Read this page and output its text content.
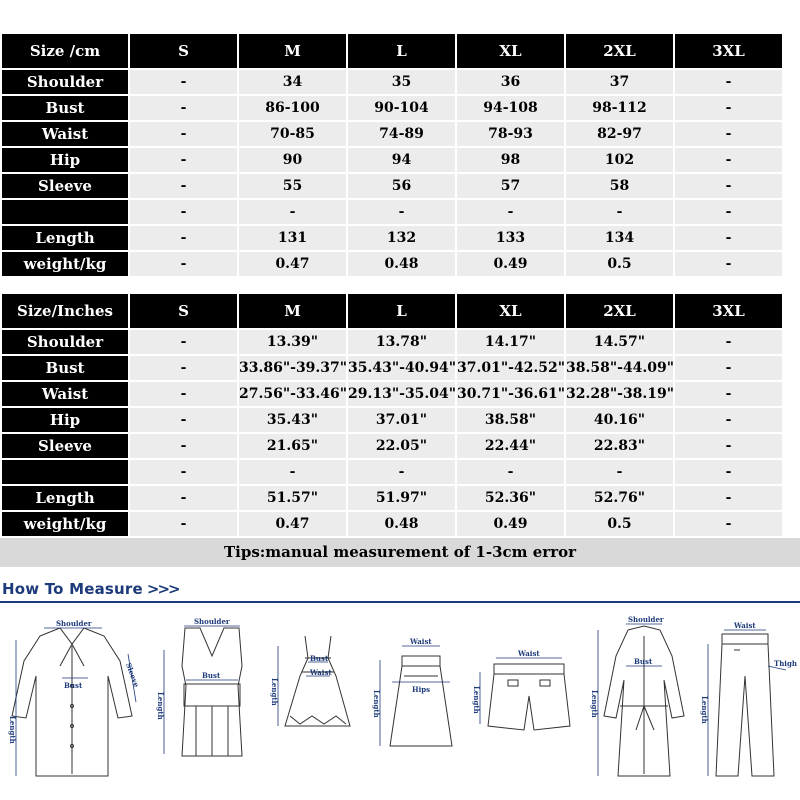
Size /cm	S	M	L	XL	2XL	3XL
Shoulder	-	34	35	36	37	-
Bust	-	86-100	90-104	94-108	98-112	-
Waist	-	70-85	74-89	78-93	82-97	-
Hip	-	90	94	98	102	-
Sleeve	-	55	56	57	58	-
	-	-	-	-	-	-
Length	-	131	132	133	134	-
weight/kg	-	0.47	0.48	0.49	0.5	-
Size/Inches	S	M	L	XL	2XL	3XL
Shoulder	-	13.39"	13.78"	14.17"	14.57"	-
Bust	-	33.86"-39.37"	35.43"-40.94"	37.01"-42.52"	38.58"-44.09"	-
Waist	-	27.56"-33.46"	29.13"-35.04"	30.71"-36.61"	32.28"-38.19"	-
Hip	-	35.43"	37.01"	38.58"	40.16"	-
Sleeve	-	21.65"	22.05"	22.44"	22.83"	-
	-	-	-	-	-	-
Length	-	51.57"	51.97"	52.36"	52.76"	-
weight/kg	-	0.47	0.48	0.49	0.5	-
Tips:manual measurement of 1-3cm error
How To Measure >>>
Shoulder
Bust	Sleeve
Length
Shoulder
Bust
Length
Bust
Waist
Length
Waist
Hips
Length
Waist
Length
Shoulder
Bust
Length
Waist
Length
Thigh
